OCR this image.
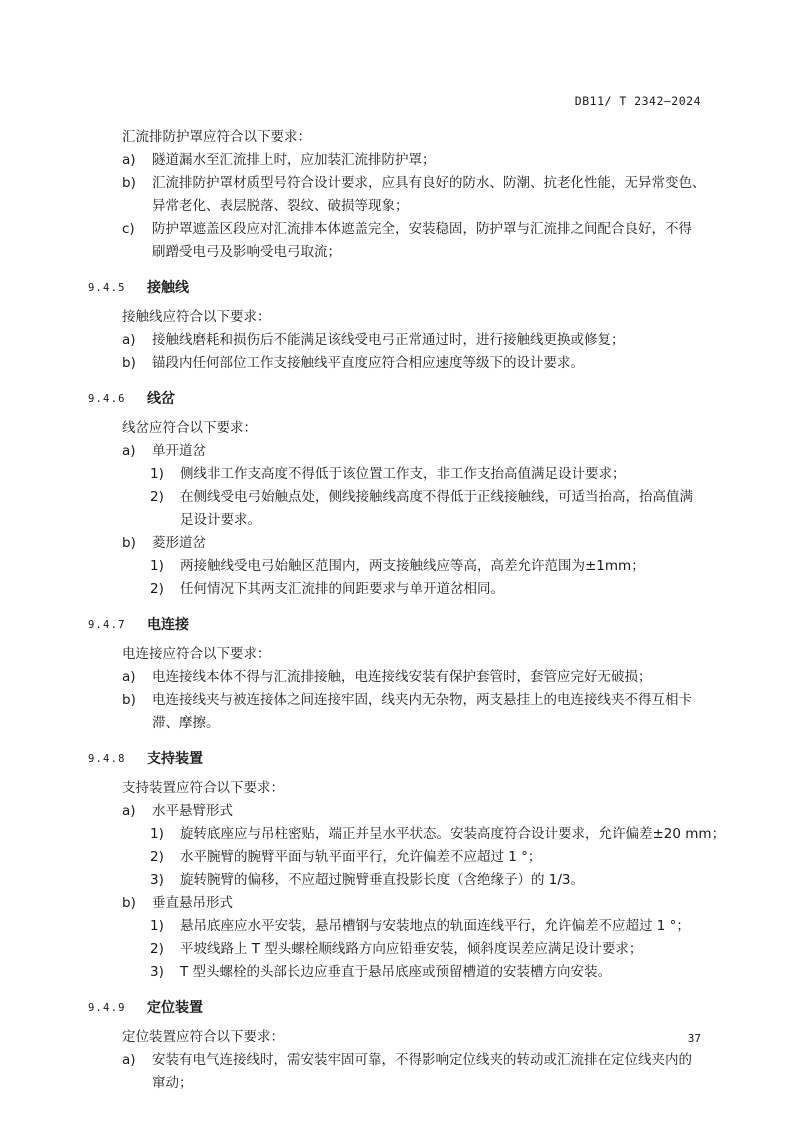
DB11/ T 2342—2024
汇流排防护罩应符合以下要求：
a) 隧道漏水至汇流排上时，应加装汇流排防护罩；
b) 汇流排防护罩材质型号符合设计要求，应具有良好的防水、防潮、抗老化性能，无异常变色、
异常老化、表层脱落、裂纹、破损等现象；
c) 防护罩遮盖区段应对汇流排本体遮盖完全，安装稳固，防护罩与汇流排之间配合良好，不得
刷蹭受电弓及影响受电弓取流；
9.4.5 接触线
接触线应符合以下要求：
a) 接触线磨耗和损伤后不能满足该线受电弓正常通过时，进行接触线更换或修复；
b) 锚段内任何部位工作支接触线平直度应符合相应速度等级下的设计要求。
9.4.6 线岔
线岔应符合以下要求：
a) 单开道岔
1) 侧线非工作支高度不得低于该位置工作支，非工作支抬高值满足设计要求；
2) 在侧线受电弓始触点处，侧线接触线高度不得低于正线接触线，可适当抬高，抬高值满
足设计要求。
b) 菱形道岔
1) 两接触线受电弓始触区范围内，两支接触线应等高，高差允许范围为±1mm；
2) 任何情况下其两支汇流排的间距要求与单开道岔相同。
9.4.7 电连接
电连接应符合以下要求：
a) 电连接线本体不得与汇流排接触，电连接线安装有保护套管时，套管应完好无破损；
b) 电连接线夹与被连接体之间连接牢固，线夹内无杂物，两支悬挂上的电连接线夹不得互相卡
滞、摩擦。
9.4.8 支持装置
支持装置应符合以下要求：
a) 水平悬臂形式
1) 旋转底座应与吊柱密贴，端正并呈水平状态。安装高度符合设计要求，允许偏差±20 mm；
2) 水平腕臂的腕臂平面与轨平面平行，允许偏差不应超过 1 °；
3) 旋转腕臂的偏移，不应超过腕臂垂直投影长度（含绝缘子）的 1/3。
b) 垂直悬吊形式
1) 悬吊底座应水平安装，悬吊槽钢与安装地点的轨面连线平行，允许偏差不应超过 1 °；
2) 平坡线路上 T 型头螺栓顺线路方向应铅垂安装，倾斜度误差应满足设计要求；
3) T 型头螺栓的头部长边应垂直于悬吊底座或预留槽道的安装槽方向安装。
9.4.9 定位装置
定位装置应符合以下要求：
a) 安装有电气连接线时，需安装牢固可靠，不得影响定位线夹的转动或汇流排在定位线夹内的
窜动；
37
